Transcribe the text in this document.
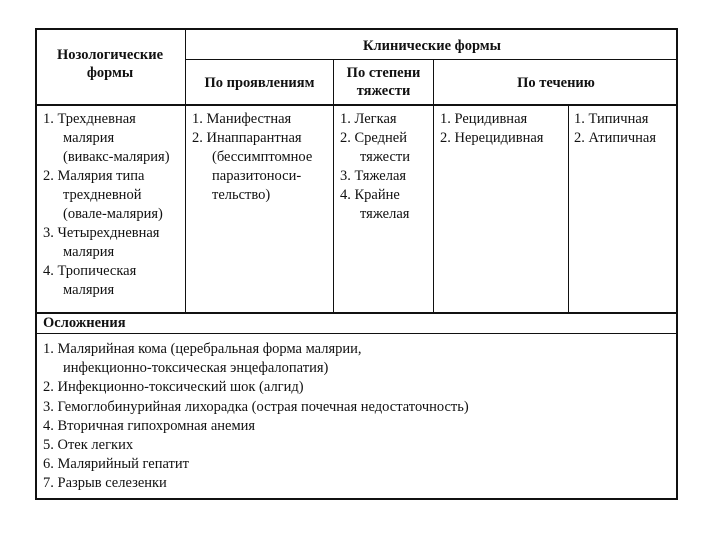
Нозологические формы
Клинические формы
По проявлениям
По степени тяжести	По течению
1. Трехдневная

малярия
(вивакс-малярия)
2. Малярия типа

трехдневной
(овале-малярия)
3. Четырехдневная

малярия
4. Тропическая

малярия
1. Манифестная
2. Инаппарантная

(бессимптомное
паразитоноси-
тельство)
1. Легкая
2. Средней

тяжести
3. Тяжелая
4. Крайне

тяжелая
1. Рецидивная
2. Нерецидивная
1. Типичная
2. Атипичная
Осложнения
1. Малярийная кома (церебральная форма малярии,

инфекционно-токсическая энцефалопатия)
2. Инфекционно-токсический шок (алгид)
3. Гемоглобинурийная лихорадка (острая почечная недостаточность)
4. Вторичная гипохромная анемия
5. Отек легких
6. Малярийный гепатит
7. Разрыв селезенки
